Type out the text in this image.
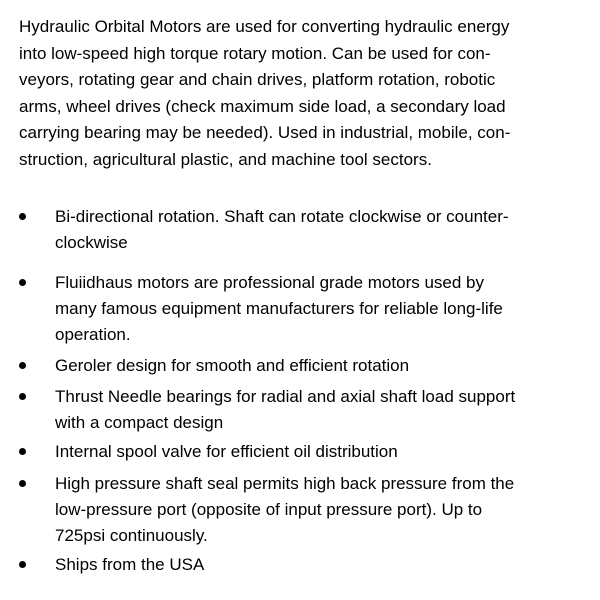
Hydraulic Orbital Motors are used for converting hydraulic energy
into low-speed high torque rotary motion. Can be used for con-
veyors, rotating gear and chain drives, platform rotation, robotic
arms, wheel drives (check maximum side load, a secondary load
carrying bearing may be needed). Used in industrial, mobile, con-
struction, agricultural plastic, and machine tool sectors.
Bi-directional rotation. Shaft can rotate clockwise or counter-
clockwise
Fluiidhaus motors are professional grade motors used by
many famous equipment manufacturers for reliable long-life
operation.
Geroler design for smooth and efficient rotation
Thrust Needle bearings for radial and axial shaft load support
with a compact design
Internal spool valve for efficient oil distribution
High pressure shaft seal permits high back pressure from the
low-pressure port (opposite of input pressure port). Up to
725psi continuously.
Ships from the USA
